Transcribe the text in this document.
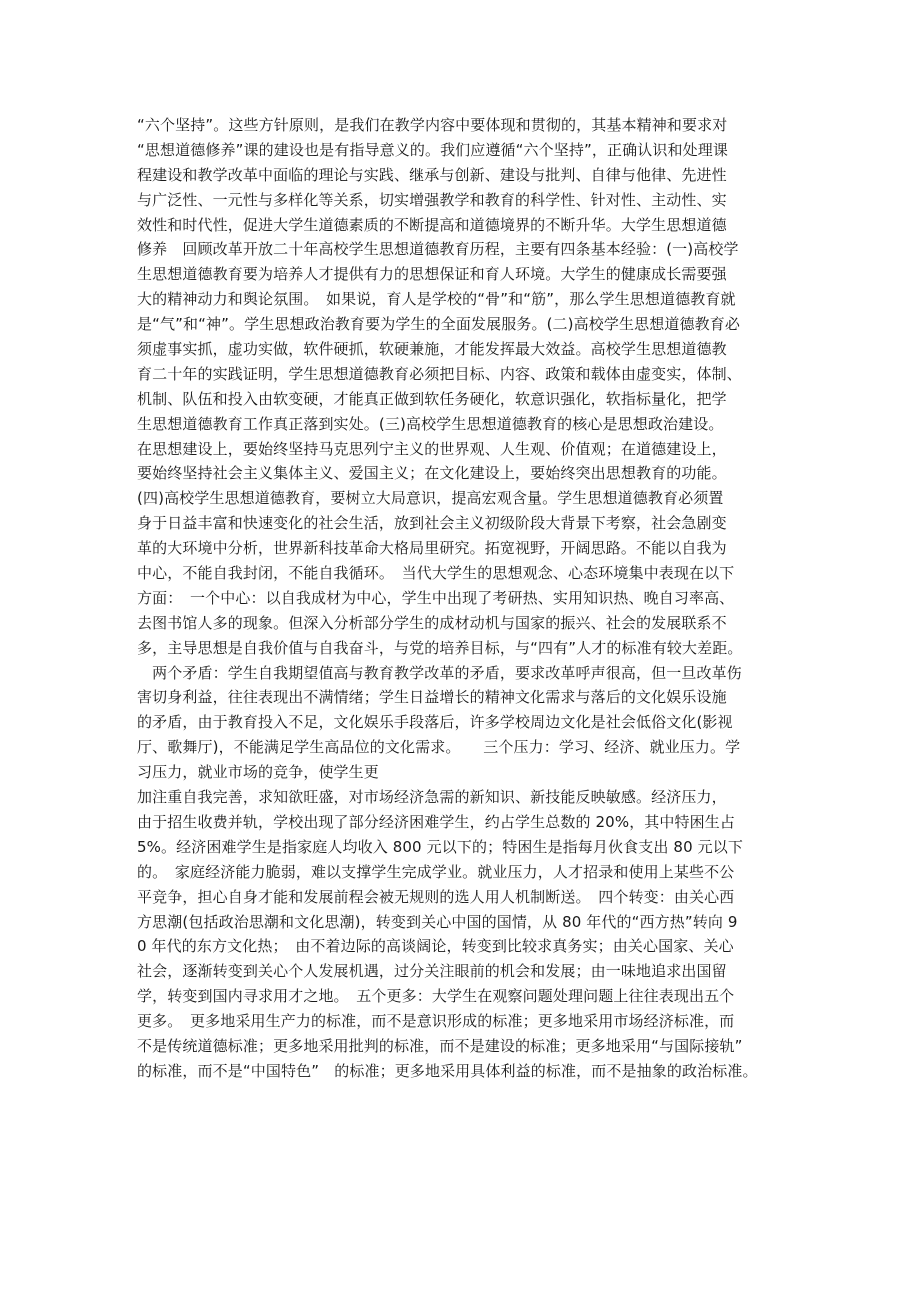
“六个坚持”。这些方针原则，是我们在教学内容中要体现和贯彻的，其基本精神和要求对
“思想道德修养”课的建设也是有指导意义的。我们应遵循“六个坚持”，正确认识和处理课
程建设和教学改革中面临的理论与实践、继承与创新、建设与批判、自律与他律、先进性
与广泛性、一元性与多样化等关系，切实增强教学和教育的科学性、针对性、主动性、实
效性和时代性，促进大学生道德素质的不断提高和道德境界的不断升华。大学生思想道德
修养　回顾改革开放二十年高校学生思想道德教育历程，主要有四条基本经验：(一)高校学
生思想道德教育要为培养人才提供有力的思想保证和育人环境。大学生的健康成长需要强
大的精神动力和舆论氛围。　如果说，育人是学校的“骨”和“筋”，那么学生思想道德教育就
是“气”和“神”。学生思想政治教育要为学生的全面发展服务。(二)高校学生思想道德教育必
须虚事实抓，虚功实做，软件硬抓，软硬兼施，才能发挥最大效益。高校学生思想道德教
育二十年的实践证明，学生思想道德教育必须把目标、内容、政策和载体由虚变实，体制、
机制、队伍和投入由软变硬，才能真正做到软任务硬化，软意识强化，软指标量化，把学
生思想道德教育工作真正落到实处。(三)高校学生思想道德教育的核心是思想政治建设。
在思想建设上，要始终坚持马克思列宁主义的世界观、人生观、价值观；在道德建设上，
要始终坚持社会主义集体主义、爱国主义；在文化建设上，要始终突出思想教育的功能。
(四)高校学生思想道德教育，要树立大局意识，提高宏观含量。学生思想道德教育必须置
身于日益丰富和快速变化的社会生活，放到社会主义初级阶段大背景下考察，社会急剧变
革的大环境中分析，世界新科技革命大格局里研究。拓宽视野，开阔思路。不能以自我为
中心，不能自我封闭，不能自我循环。　当代大学生的思想观念、心态环境集中表现在以下
方面：　一个中心：以自我成材为中心，学生中出现了考研热、实用知识热、晚自习率高、
去图书馆人多的现象。但深入分析部分学生的成材动机与国家的振兴、社会的发展联系不
多，主导思想是自我价值与自我奋斗，与党的培养目标，与“四有”人才的标准有较大差距。
　两个矛盾：学生自我期望值高与教育教学改革的矛盾，要求改革呼声很高，但一旦改革伤
害切身利益，往往表现出不满情绪；学生日益增长的精神文化需求与落后的文化娱乐设施
的矛盾，由于教育投入不足，文化娱乐手段落后，许多学校周边文化是社会低俗文化(影视
厅、歌舞厅)，不能满足学生高品位的文化需求。　　三个压力：学习、经济、就业压力。学
习压力，就业市场的竞争，使学生更
加注重自我完善，求知欲旺盛，对市场经济急需的新知识、新技能反映敏感。经济压力，
由于招生收费并轨，学校出现了部分经济困难学生，约占学生总数的 20%，其中特困生占
5%。经济困难学生是指家庭人均收入 800 元以下的；特困生是指每月伙食支出 80 元以下
的。　家庭经济能力脆弱，难以支撑学生完成学业。就业压力，人才招录和使用上某些不公
平竞争，担心自身才能和发展前程会被无规则的选人用人机制断送。　四个转变：由关心西
方思潮(包括政治思潮和文化思潮)，转变到关心中国的国情，从 80 年代的“西方热”转向 9
0 年代的东方文化热；　由不着边际的高谈阔论，转变到比较求真务实；由关心国家、关心
社会，逐渐转变到关心个人发展机遇，过分关注眼前的机会和发展；由一味地追求出国留
学，转变到国内寻求用才之地。　五个更多：大学生在观察问题处理问题上往往表现出五个
更多。　更多地采用生产力的标准，而不是意识形成的标准；更多地采用市场经济标准，而
不是传统道德标准；更多地采用批判的标准，而不是建设的标准；更多地采用“与国际接轨”
的标准，而不是“中国特色”　的标准；更多地采用具体利益的标准，而不是抽象的政治标准。
